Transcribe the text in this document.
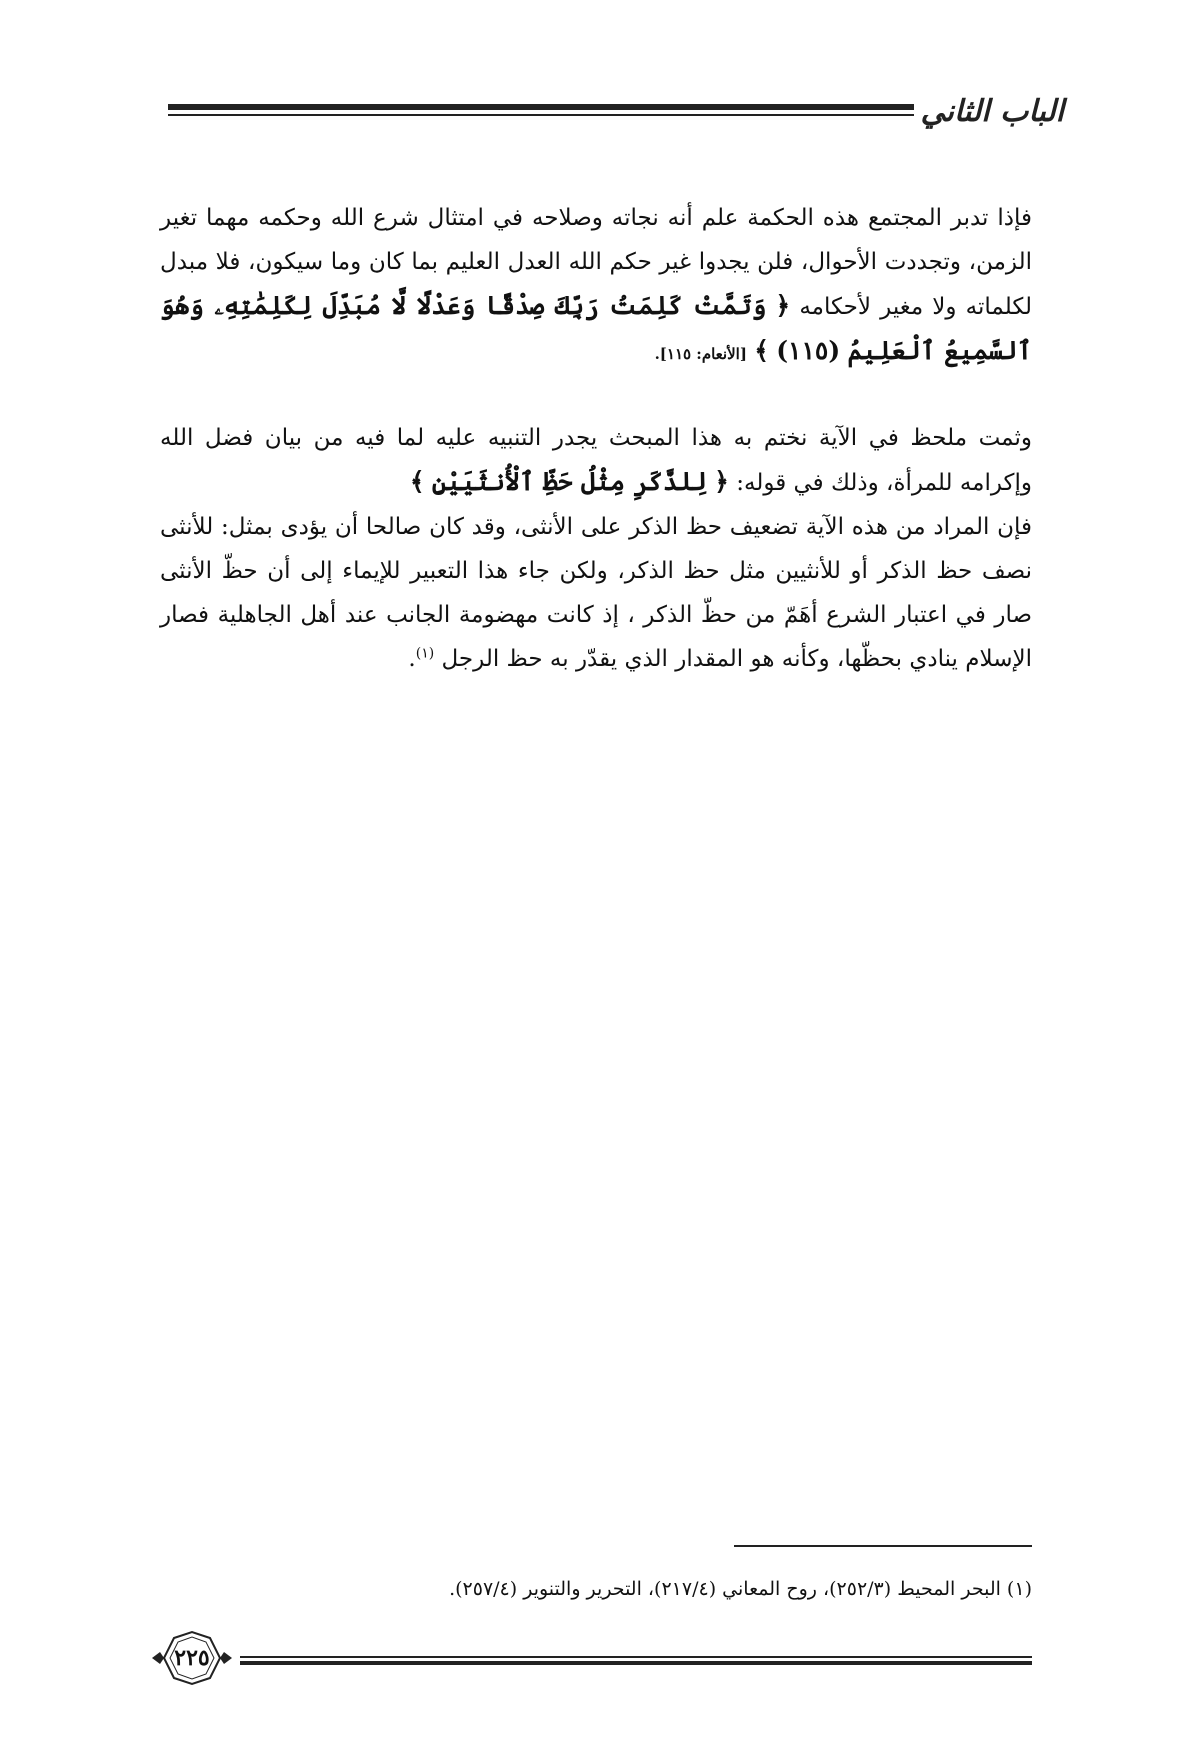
الباب الثاني

فإذا تدبر المجتمع هذه الحكمة علم أنه نجاته وصلاحه في امتثال شرع الله وحكمه مهما تغير الزمن، وتجددت الأحوال، فلن يجدوا غير حكم الله العدل العليم بما كان وما سيكون، فلا مبدل لكلماته ولا مغير لأحكامه ﴿ وَتَمَّتْ كَلِمَتُ رَبِّكَ صِدْقًا وَعَدْلًا لَّا مُبَدِّلَ لِكَلِمَٰتِهِۦ وَهُوَ ٱلسَّمِيعُ ٱلْعَلِيمُ (١١٥) ﴾ [الأنعام: ١١٥].

وثمت ملحظ في الآية نختم به هذا المبحث يجدر التنبيه عليه لما فيه من بيان فضل الله وإكرامه للمرأة، وذلك في قوله: ﴿ لِلذَّكَرِ مِثْلُ حَظِّ ٱلْأُنثَيَيْنِ ﴾

فإن المراد من هذه الآية تضعيف حظ الذكر على الأنثى، وقد كان صالحا أن يؤدى بمثل: للأنثى نصف حظ الذكر أو للأنثيين مثل حظ الذكر، ولكن جاء هذا التعبير للإيماء إلى أن حظّ الأنثى صار في اعتبار الشرع أهَمّ من حظّ الذكر ، إذ كانت مهضومة الجانب عند أهل الجاهلية فصار الإسلام ينادي بحظّها، وكأنه هو المقدار الذي يقدّر به حظ الرجل $^{(١)}$.

(١) البحر المحيط (٢٥٢/٣)، روح المعاني (٢١٧/٤)، التحرير والتنوير (٢٥٧/٤).
٢٢٥
